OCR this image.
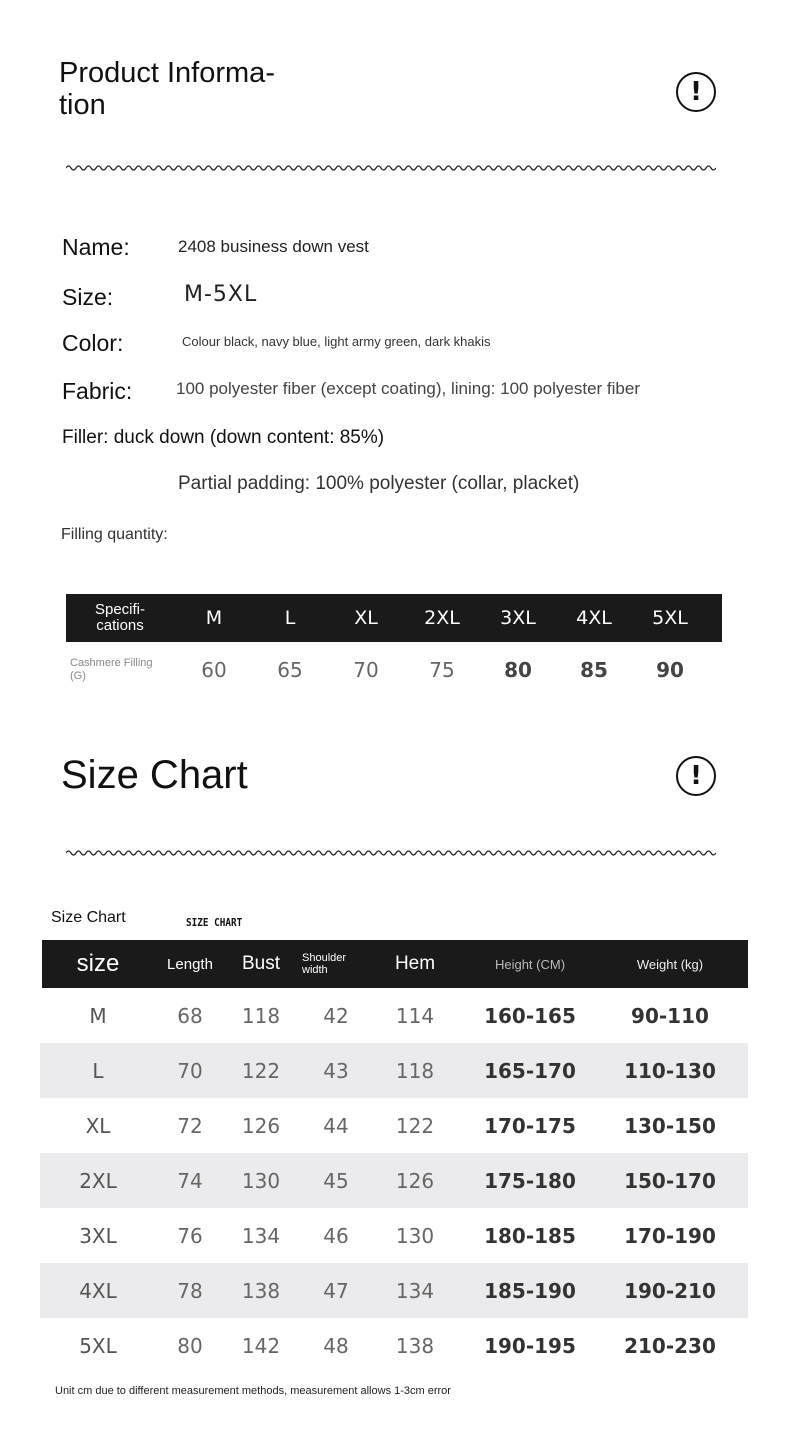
Product Informa-
tion	!
Name:	2408 business down vest
Size:	M-5XL
Color:	Colour black, navy blue, light army green, dark khakis
Fabric:	100 polyester fiber (except coating), lining: 100 polyester fiber
Filler: duck down (down content: 85%)
Partial padding: 100% polyester (collar, placket)
Filling quantity:
Specifi-
cations	M	L	XL	2XL	3XL	4XL	5XL
Cashmere Filling (G)	60	65	70	75	80	85	90
Size Chart	!
Size Chart	SIZE CHART
size	Length	Bust	Shoulder width	Hem	Height (CM)	Weight (kg)
M	68	118	42	114	160-165	90-110
L	70	122	43	118	165-170	110-130
XL	72	126	44	122	170-175	130-150
2XL	74	130	45	126	175-180	150-170
3XL	76	134	46	130	180-185	170-190
4XL	78	138	47	134	185-190	190-210
5XL	80	142	48	138	190-195	210-230
Unit cm due to different measurement methods, measurement allows 1-3cm error
